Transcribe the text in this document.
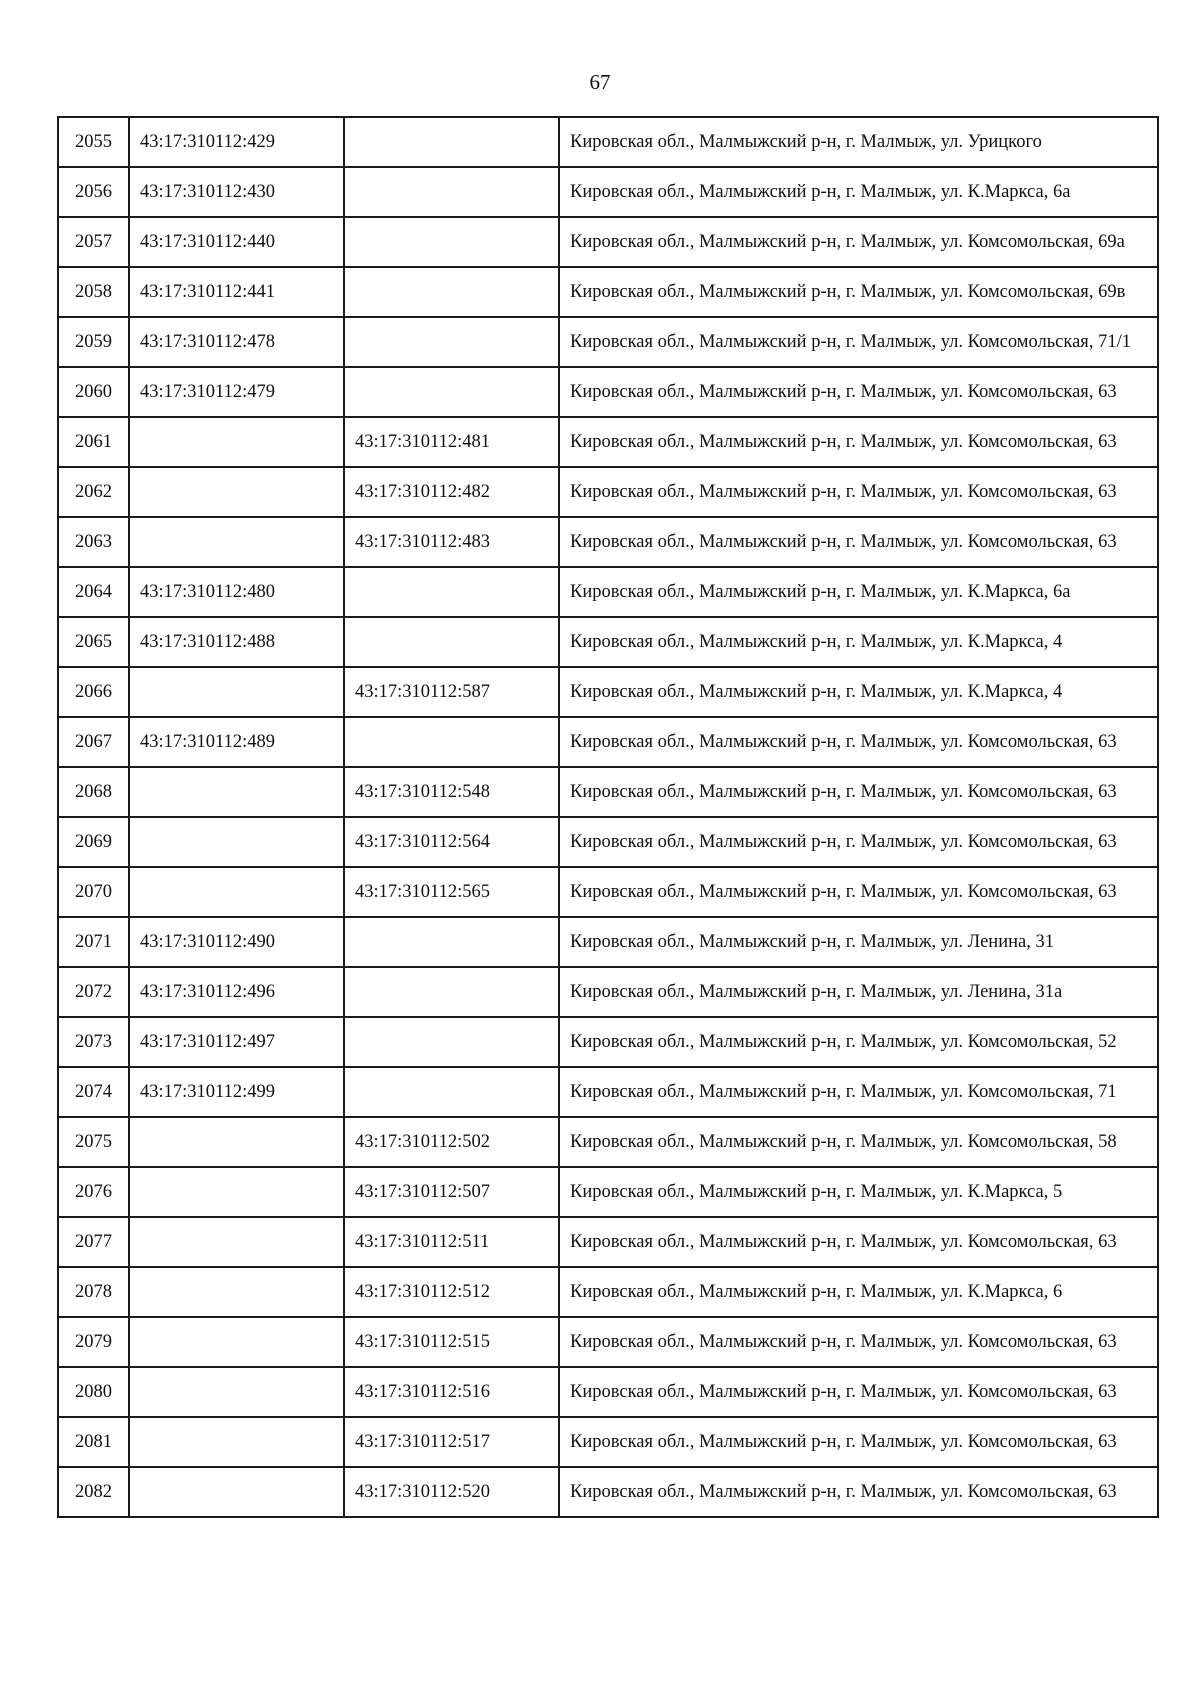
67
2055	43:17:310112:429		Кировская обл., Малмыжский р-н, г. Малмыж, ул. Урицкого
2056	43:17:310112:430		Кировская обл., Малмыжский р-н, г. Малмыж, ул. К.Маркса, 6а
2057	43:17:310112:440		Кировская обл., Малмыжский р-н, г. Малмыж, ул. Комсомольская, 69а
2058	43:17:310112:441		Кировская обл., Малмыжский р-н, г. Малмыж, ул. Комсомольская, 69в
2059	43:17:310112:478		Кировская обл., Малмыжский р-н, г. Малмыж, ул. Комсомольская, 71/1
2060	43:17:310112:479		Кировская обл., Малмыжский р-н, г. Малмыж, ул. Комсомольская, 63
2061		43:17:310112:481	Кировская обл., Малмыжский р-н, г. Малмыж, ул. Комсомольская, 63
2062		43:17:310112:482	Кировская обл., Малмыжский р-н, г. Малмыж, ул. Комсомольская, 63
2063		43:17:310112:483	Кировская обл., Малмыжский р-н, г. Малмыж, ул. Комсомольская, 63
2064	43:17:310112:480		Кировская обл., Малмыжский р-н, г. Малмыж, ул. К.Маркса, 6а
2065	43:17:310112:488		Кировская обл., Малмыжский р-н, г. Малмыж, ул. К.Маркса, 4
2066		43:17:310112:587	Кировская обл., Малмыжский р-н, г. Малмыж, ул. К.Маркса, 4
2067	43:17:310112:489		Кировская обл., Малмыжский р-н, г. Малмыж, ул. Комсомольская, 63
2068		43:17:310112:548	Кировская обл., Малмыжский р-н, г. Малмыж, ул. Комсомольская, 63
2069		43:17:310112:564	Кировская обл., Малмыжский р-н, г. Малмыж, ул. Комсомольская, 63
2070		43:17:310112:565	Кировская обл., Малмыжский р-н, г. Малмыж, ул. Комсомольская, 63
2071	43:17:310112:490		Кировская обл., Малмыжский р-н, г. Малмыж, ул. Ленина, 31
2072	43:17:310112:496		Кировская обл., Малмыжский р-н, г. Малмыж, ул. Ленина, 31а
2073	43:17:310112:497		Кировская обл., Малмыжский р-н, г. Малмыж, ул. Комсомольская, 52
2074	43:17:310112:499		Кировская обл., Малмыжский р-н, г. Малмыж, ул. Комсомольская, 71
2075		43:17:310112:502	Кировская обл., Малмыжский р-н, г. Малмыж, ул. Комсомольская, 58
2076		43:17:310112:507	Кировская обл., Малмыжский р-н, г. Малмыж, ул. К.Маркса, 5
2077		43:17:310112:511	Кировская обл., Малмыжский р-н, г. Малмыж, ул. Комсомольская, 63
2078		43:17:310112:512	Кировская обл., Малмыжский р-н, г. Малмыж, ул. К.Маркса, 6
2079		43:17:310112:515	Кировская обл., Малмыжский р-н, г. Малмыж, ул. Комсомольская, 63
2080		43:17:310112:516	Кировская обл., Малмыжский р-н, г. Малмыж, ул. Комсомольская, 63
2081		43:17:310112:517	Кировская обл., Малмыжский р-н, г. Малмыж, ул. Комсомольская, 63
2082		43:17:310112:520	Кировская обл., Малмыжский р-н, г. Малмыж, ул. Комсомольская, 63
